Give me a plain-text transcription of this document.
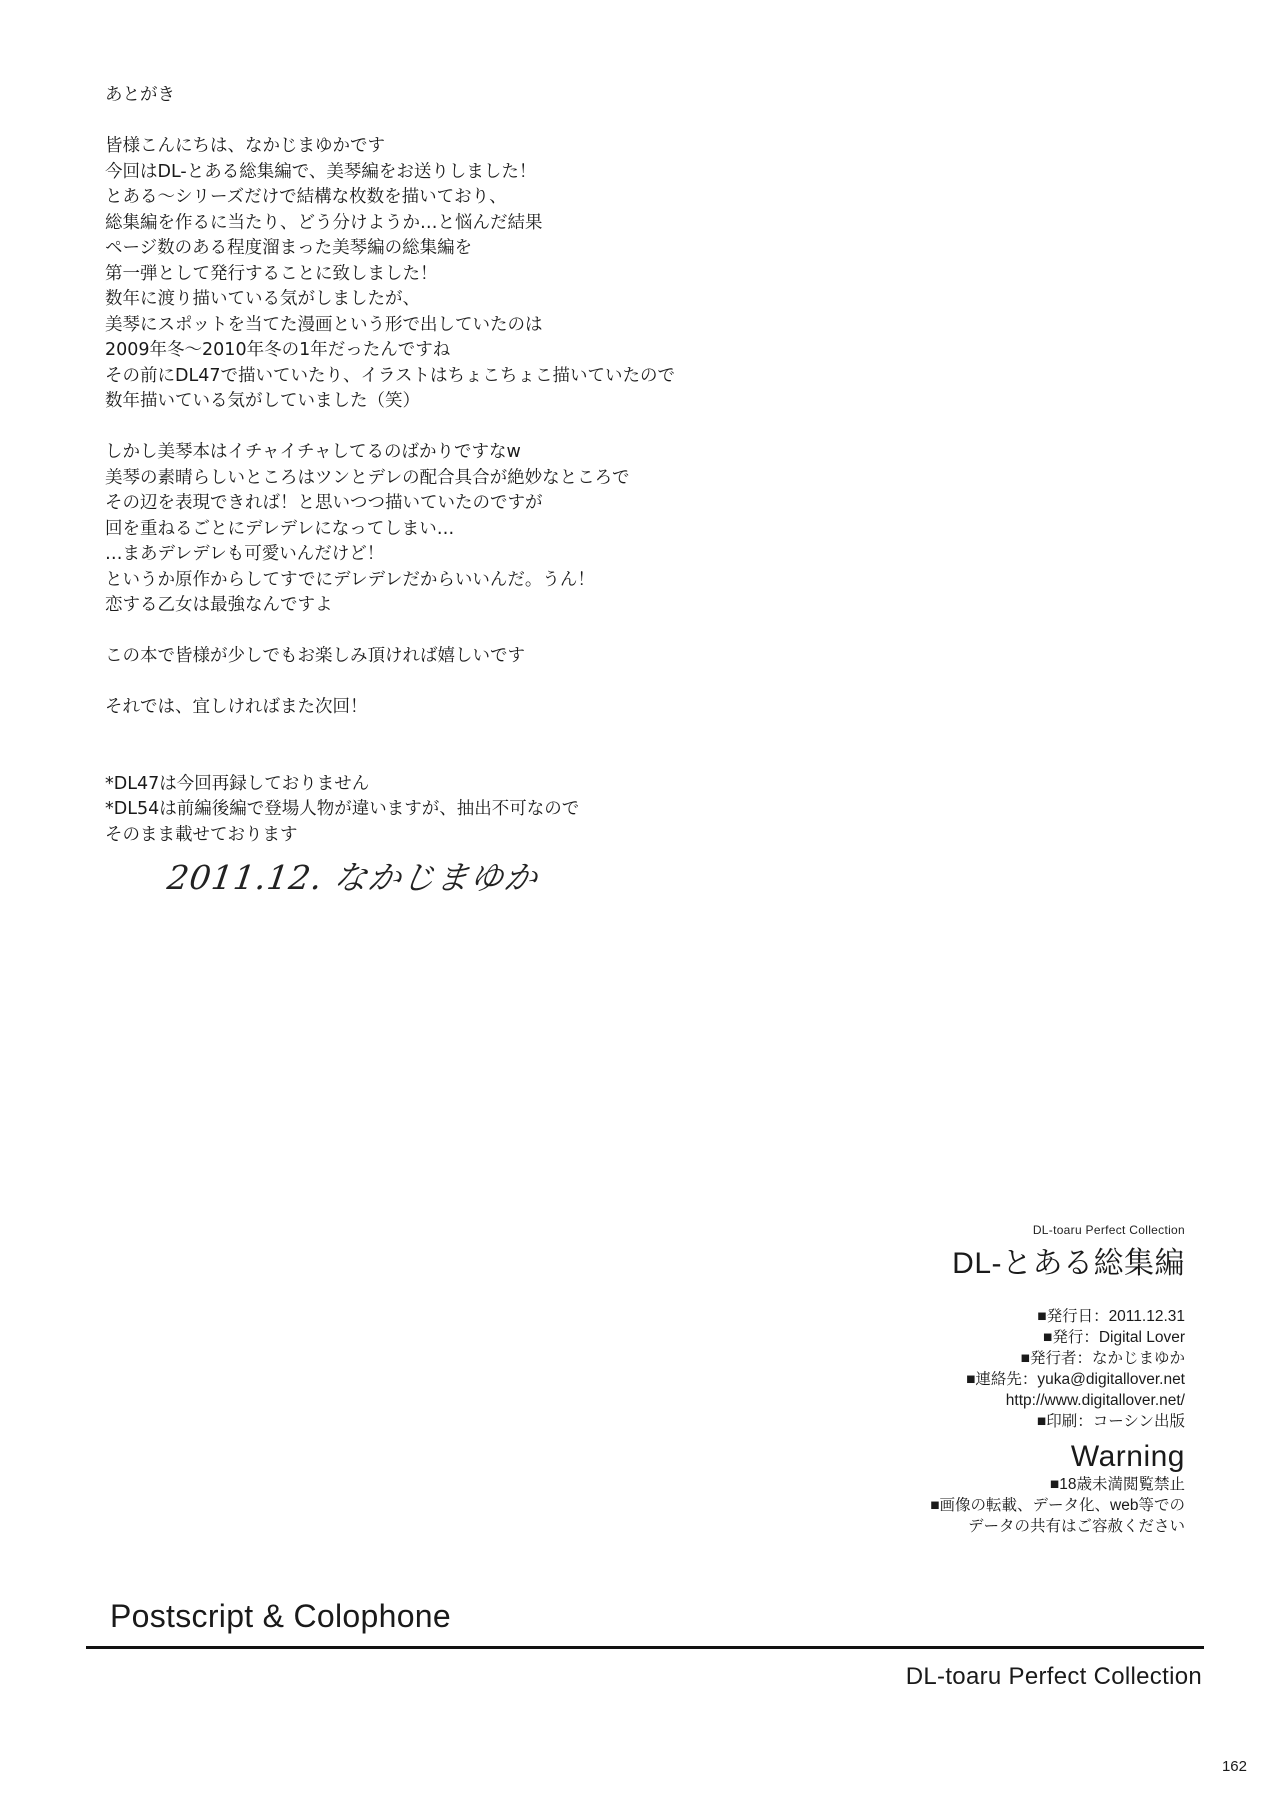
あとがき
皆様こんにちは、なかじまゆかです
今回はDL-とある総集編で、美琴編をお送りしました！
とある～シリーズだけで結構な枚数を描いており、
総集編を作るに当たり、どう分けようか…と悩んだ結果
ページ数のある程度溜まった美琴編の総集編を
第一弾として発行することに致しました！
数年に渡り描いている気がしましたが、
美琴にスポットを当てた漫画という形で出していたのは
2009年冬～2010年冬の1年だったんですね
その前にDL47で描いていたり、イラストはちょこちょこ描いていたので
数年描いている気がしていました（笑）
しかし美琴本はイチャイチャしてるのばかりですなw
美琴の素晴らしいところはツンとデレの配合具合が絶妙なところで
その辺を表現できれば！と思いつつ描いていたのですが
回を重ねるごとにデレデレになってしまい…
…まあデレデレも可愛いんだけど！
というか原作からしてすでにデレデレだからいいんだ。うん！
恋する乙女は最強なんですよ
この本で皆様が少しでもお楽しみ頂ければ嬉しいです
それでは、宜しければまた次回！
*DL47は今回再録しておりません
*DL54は前編後編で登場人物が違いますが、抽出不可なので
そのまま載せております
2011.12. なかじまゆか
DL-toaru Perfect Collection
DL-とある総集編
■発行日：2011.12.31
■発行：Digital Lover
■発行者：なかじまゆか
■連絡先：yuka@digitallover.net
http://www.digitallover.net/
■印刷：コーシン出版
Warning
■18歳未満閲覧禁止
■画像の転載、データ化、web等での
データの共有はご容赦ください
Postscript & Colophone
DL-toaru Perfect Collection
162
